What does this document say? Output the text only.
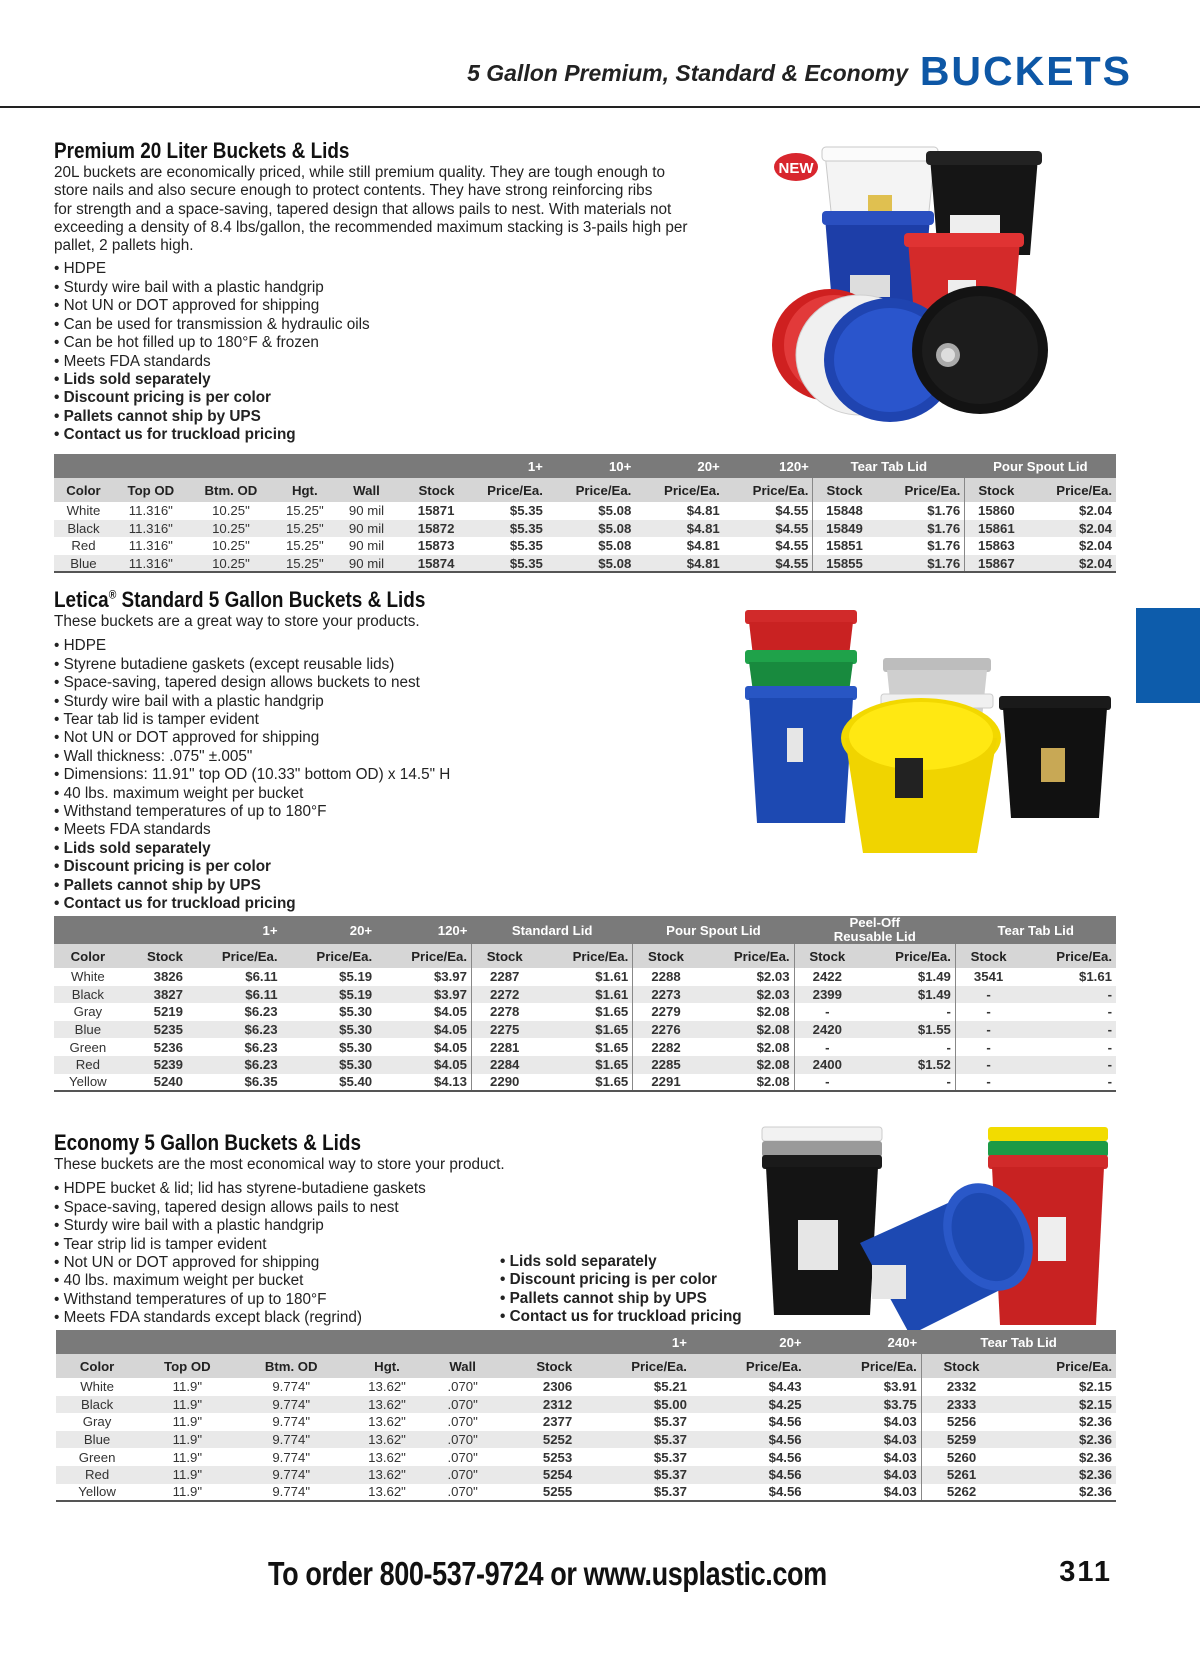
5 Gallon Premium, Standard & Economy BUCKETS
Premium 20 Liter Buckets & Lids
20L buckets are economically priced, while still premium quality. They are tough enough to
store nails and also secure enough to protect contents. They have strong reinforcing ribs
for strength and a space-saving, tapered design that allows pails to nest. With materials not
exceeding a density of 8.4 lbs/gallon, the recommended maximum stacking is 3-pails high per
pallet, 2 pallets high.
• HDPE
• Sturdy wire bail with a plastic handgrip
• Not UN or DOT approved for shipping
• Can be used for transmission & hydraulic oils
• Can be hot filled up to 180°F & frozen
• Meets FDA standards
• Lids sold separately
• Discount pricing is per color
• Pallets cannot ship by UPS
• Contact us for truckload pricing
NEW
						1+	10+	20+	120+	Tear Tab Lid		Pour Spout Lid	
Color	Top OD	Btm. OD	Hgt.	Wall	Stock	Price/Ea.	Price/Ea.	Price/Ea.	Price/Ea.	Stock	Price/Ea.	Stock	Price/Ea.
White	11.316"	10.25"	15.25"	90 mil	15871	$5.35	$5.08	$4.81	$4.55	15848	$1.76	15860	$2.04
Black	11.316"	10.25"	15.25"	90 mil	15872	$5.35	$5.08	$4.81	$4.55	15849	$1.76	15861	$2.04
Red	11.316"	10.25"	15.25"	90 mil	15873	$5.35	$5.08	$4.81	$4.55	15851	$1.76	15863	$2.04
Blue	11.316"	10.25"	15.25"	90 mil	15874	$5.35	$5.08	$4.81	$4.55	15855	$1.76	15867	$2.04
Letica® Standard 5 Gallon Buckets & Lids
These buckets are a great way to store your products.
• HDPE
• Styrene butadiene gaskets (except reusable lids)
• Space-saving, tapered design allows buckets to nest
• Sturdy wire bail with a plastic handgrip
• Tear tab lid is tamper evident
• Not UN or DOT approved for shipping
• Wall thickness: .075" ±.005"
• Dimensions: 11.91" top OD (10.33" bottom OD) x 14.5" H
• 40 lbs. maximum weight per bucket
• Withstand temperatures of up to 180°F
• Meets FDA standards
• Lids sold separately
• Discount pricing is per color
• Pallets cannot ship by UPS
• Contact us for truckload pricing
		1+	20+	120+	Standard Lid		Pour Spout Lid		Peel-Off
Reusable Lid		Tear Tab Lid	
Color	Stock	Price/Ea.	Price/Ea.	Price/Ea.	Stock	Price/Ea.	Stock	Price/Ea.	Stock	Price/Ea.	Stock	Price/Ea.
White	3826	$6.11	$5.19	$3.97	2287	$1.61	2288	$2.03	2422	$1.49	3541	$1.61
Black	3827	$6.11	$5.19	$3.97	2272	$1.61	2273	$2.03	2399	$1.49	-	-
Gray	5219	$6.23	$5.30	$4.05	2278	$1.65	2279	$2.08	-	-	-	-
Blue	5235	$6.23	$5.30	$4.05	2275	$1.65	2276	$2.08	2420	$1.55	-	-
Green	5236	$6.23	$5.30	$4.05	2281	$1.65	2282	$2.08	-	-	-	-
Red	5239	$6.23	$5.30	$4.05	2284	$1.65	2285	$2.08	2400	$1.52	-	-
Yellow	5240	$6.35	$5.40	$4.13	2290	$1.65	2291	$2.08	-	-	-	-
Economy 5 Gallon Buckets & Lids
These buckets are the most economical way to store your product.
• HDPE bucket & lid; lid has styrene-butadiene gaskets
• Space-saving, tapered design allows pails to nest
• Sturdy wire bail with a plastic handgrip
• Tear strip lid is tamper evident
• Not UN or DOT approved for shipping
• 40 lbs. maximum weight per bucket
• Withstand temperatures of up to 180°F
• Meets FDA standards except black (regrind)
• Lids sold separately
• Discount pricing is per color
• Pallets cannot ship by UPS
• Contact us for truckload pricing
						1+	20+	240+	Tear Tab Lid	
Color	Top OD	Btm. OD	Hgt.	Wall	Stock	Price/Ea.	Price/Ea.	Price/Ea.	Stock	Price/Ea.
White	11.9"	9.774"	13.62"	.070"	2306	$5.21	$4.43	$3.91	2332	$2.15
Black	11.9"	9.774"	13.62"	.070"	2312	$5.00	$4.25	$3.75	2333	$2.15
Gray	11.9"	9.774"	13.62"	.070"	2377	$5.37	$4.56	$4.03	5256	$2.36
Blue	11.9"	9.774"	13.62"	.070"	5252	$5.37	$4.56	$4.03	5259	$2.36
Green	11.9"	9.774"	13.62"	.070"	5253	$5.37	$4.56	$4.03	5260	$2.36
Red	11.9"	9.774"	13.62"	.070"	5254	$5.37	$4.56	$4.03	5261	$2.36
Yellow	11.9"	9.774"	13.62"	.070"	5255	$5.37	$4.56	$4.03	5262	$2.36
To order 800-537-9724 or www.usplastic.com	311
